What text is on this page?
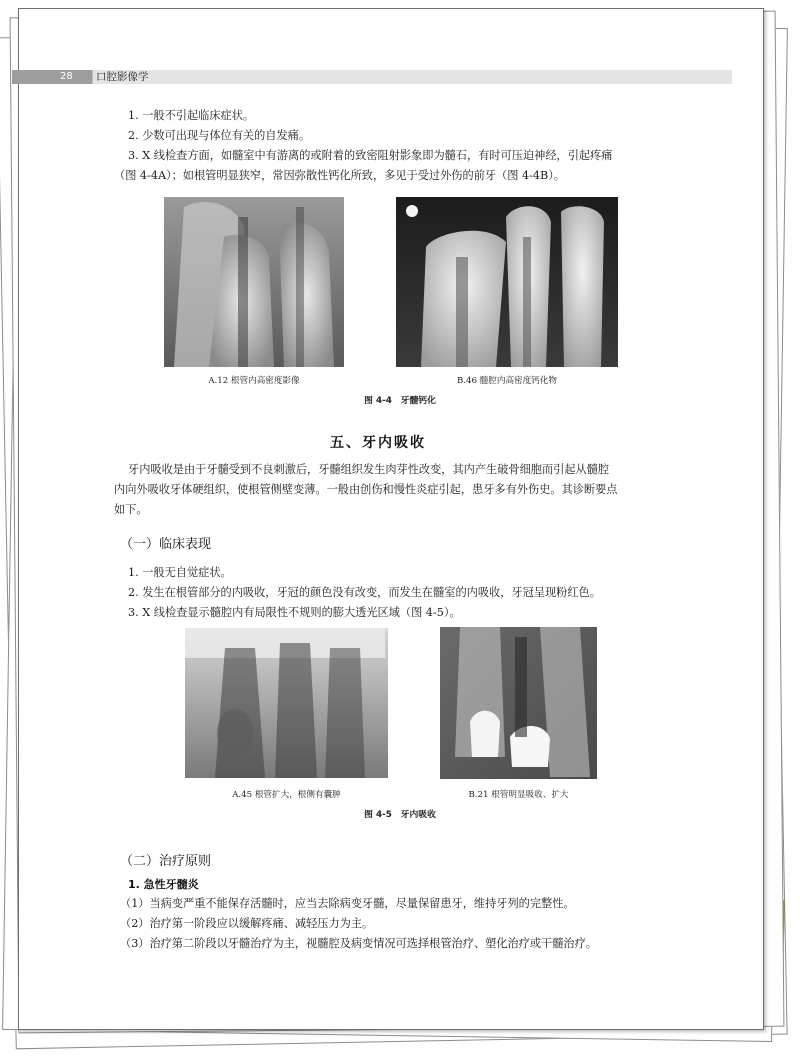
28 口腔影像学
1. 一般不引起临床症状。
2. 少数可出现与体位有关的自发痛。
3. X 线检查方面，如髓室中有游离的或附着的致密阻射影象即为髓石，有时可压迫神经，引起疼痛
（图 4-4A）；如根管明显狭窄，常因弥散性钙化所致，多见于受过外伤的前牙（图 4-4B）。
A.12 根管内高密度影像	B.46 髓腔内高密度钙化物
图 4-4　牙髓钙化
五、牙内吸收
牙内吸收是由于牙髓受到不良刺激后，牙髓组织发生肉芽性改变，其内产生破骨细胞而引起从髓腔
内向外吸收牙体硬组织，使根管侧壁变薄。一般由创伤和慢性炎症引起，患牙多有外伤史。其诊断要点
如下。
（一）临床表现
1. 一般无自觉症状。
2. 发生在根管部分的内吸收，牙冠的颜色没有改变，而发生在髓室的内吸收，牙冠呈现粉红色。
3. X 线检查显示髓腔内有局限性不规则的膨大透光区域（图 4-5）。
A.45 根管扩大，根侧有囊肿	B.21 根管明显吸收、扩大
图 4-5　牙内吸收
（二）治疗原则
1. 急性牙髓炎
（1）当病变严重不能保存活髓时，应当去除病变牙髓，尽量保留患牙，维持牙列的完整性。
（2）治疗第一阶段应以缓解疼痛、减轻压力为主。
（3）治疗第二阶段以牙髓治疗为主，视髓腔及病变情况可选择根管治疗、塑化治疗或干髓治疗。
